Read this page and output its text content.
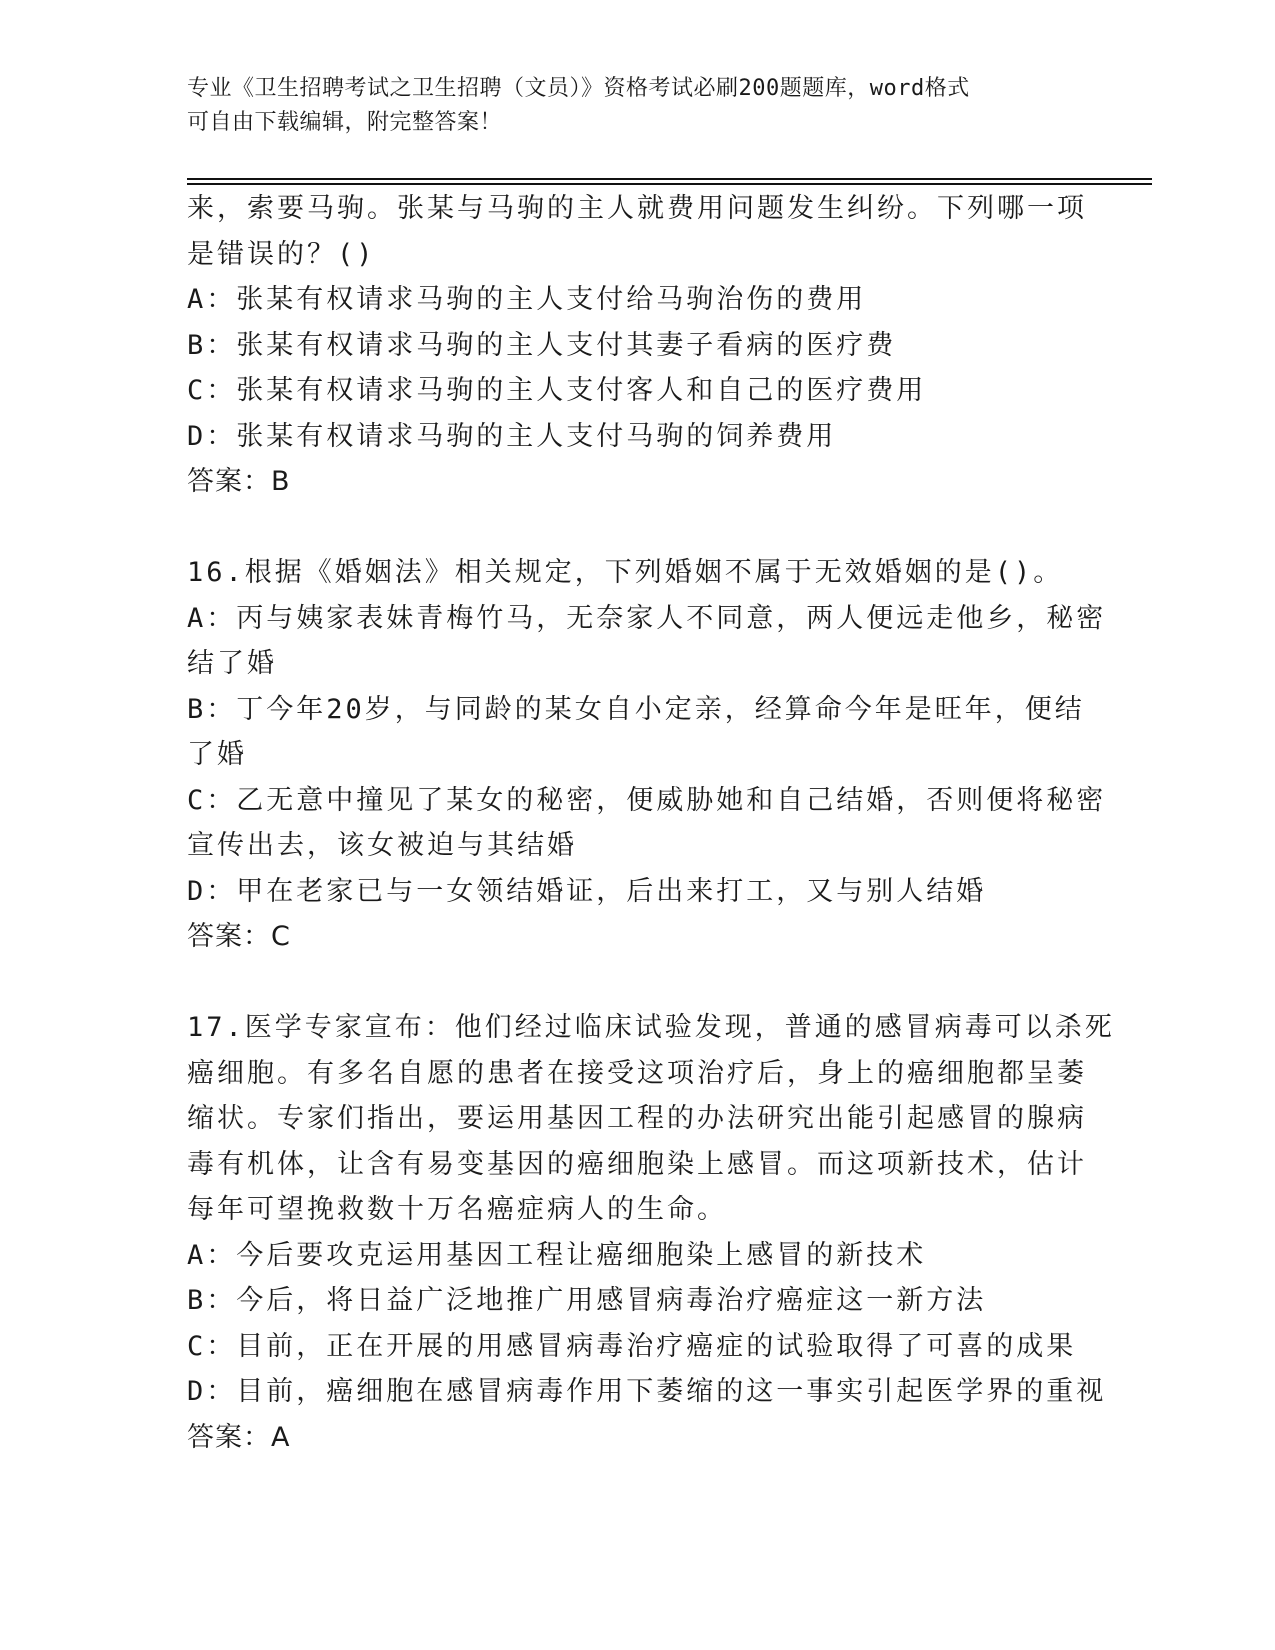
专业《卫生招聘考试之卫生招聘（文员）》资格考试必刷200题题库，word格式
可自由下载编辑，附完整答案！
来，索要马驹。张某与马驹的主人就费用问题发生纠纷。下列哪一项
是错误的？()
A：张某有权请求马驹的主人支付给马驹治伤的费用
B：张某有权请求马驹的主人支付其妻子看病的医疗费
C：张某有权请求马驹的主人支付客人和自己的医疗费用
D：张某有权请求马驹的主人支付马驹的饲养费用
答案：B
16.根据《婚姻法》相关规定，下列婚姻不属于无效婚姻的是()。
A：丙与姨家表妹青梅竹马，无奈家人不同意，两人便远走他乡，秘密
结了婚
B：丁今年20岁，与同龄的某女自小定亲，经算命今年是旺年，便结
了婚
C：乙无意中撞见了某女的秘密，便威胁她和自己结婚，否则便将秘密
宣传出去，该女被迫与其结婚
D：甲在老家已与一女领结婚证，后出来打工，又与别人结婚
答案：C
17.医学专家宣布：他们经过临床试验发现，普通的感冒病毒可以杀死
癌细胞。有多名自愿的患者在接受这项治疗后，身上的癌细胞都呈萎
缩状。专家们指出，要运用基因工程的办法研究出能引起感冒的腺病
毒有机体，让含有易变基因的癌细胞染上感冒。而这项新技术，估计
每年可望挽救数十万名癌症病人的生命。
A：今后要攻克运用基因工程让癌细胞染上感冒的新技术
B：今后，将日益广泛地推广用感冒病毒治疗癌症这一新方法
C：目前，正在开展的用感冒病毒治疗癌症的试验取得了可喜的成果
D：目前，癌细胞在感冒病毒作用下萎缩的这一事实引起医学界的重视
答案：A
